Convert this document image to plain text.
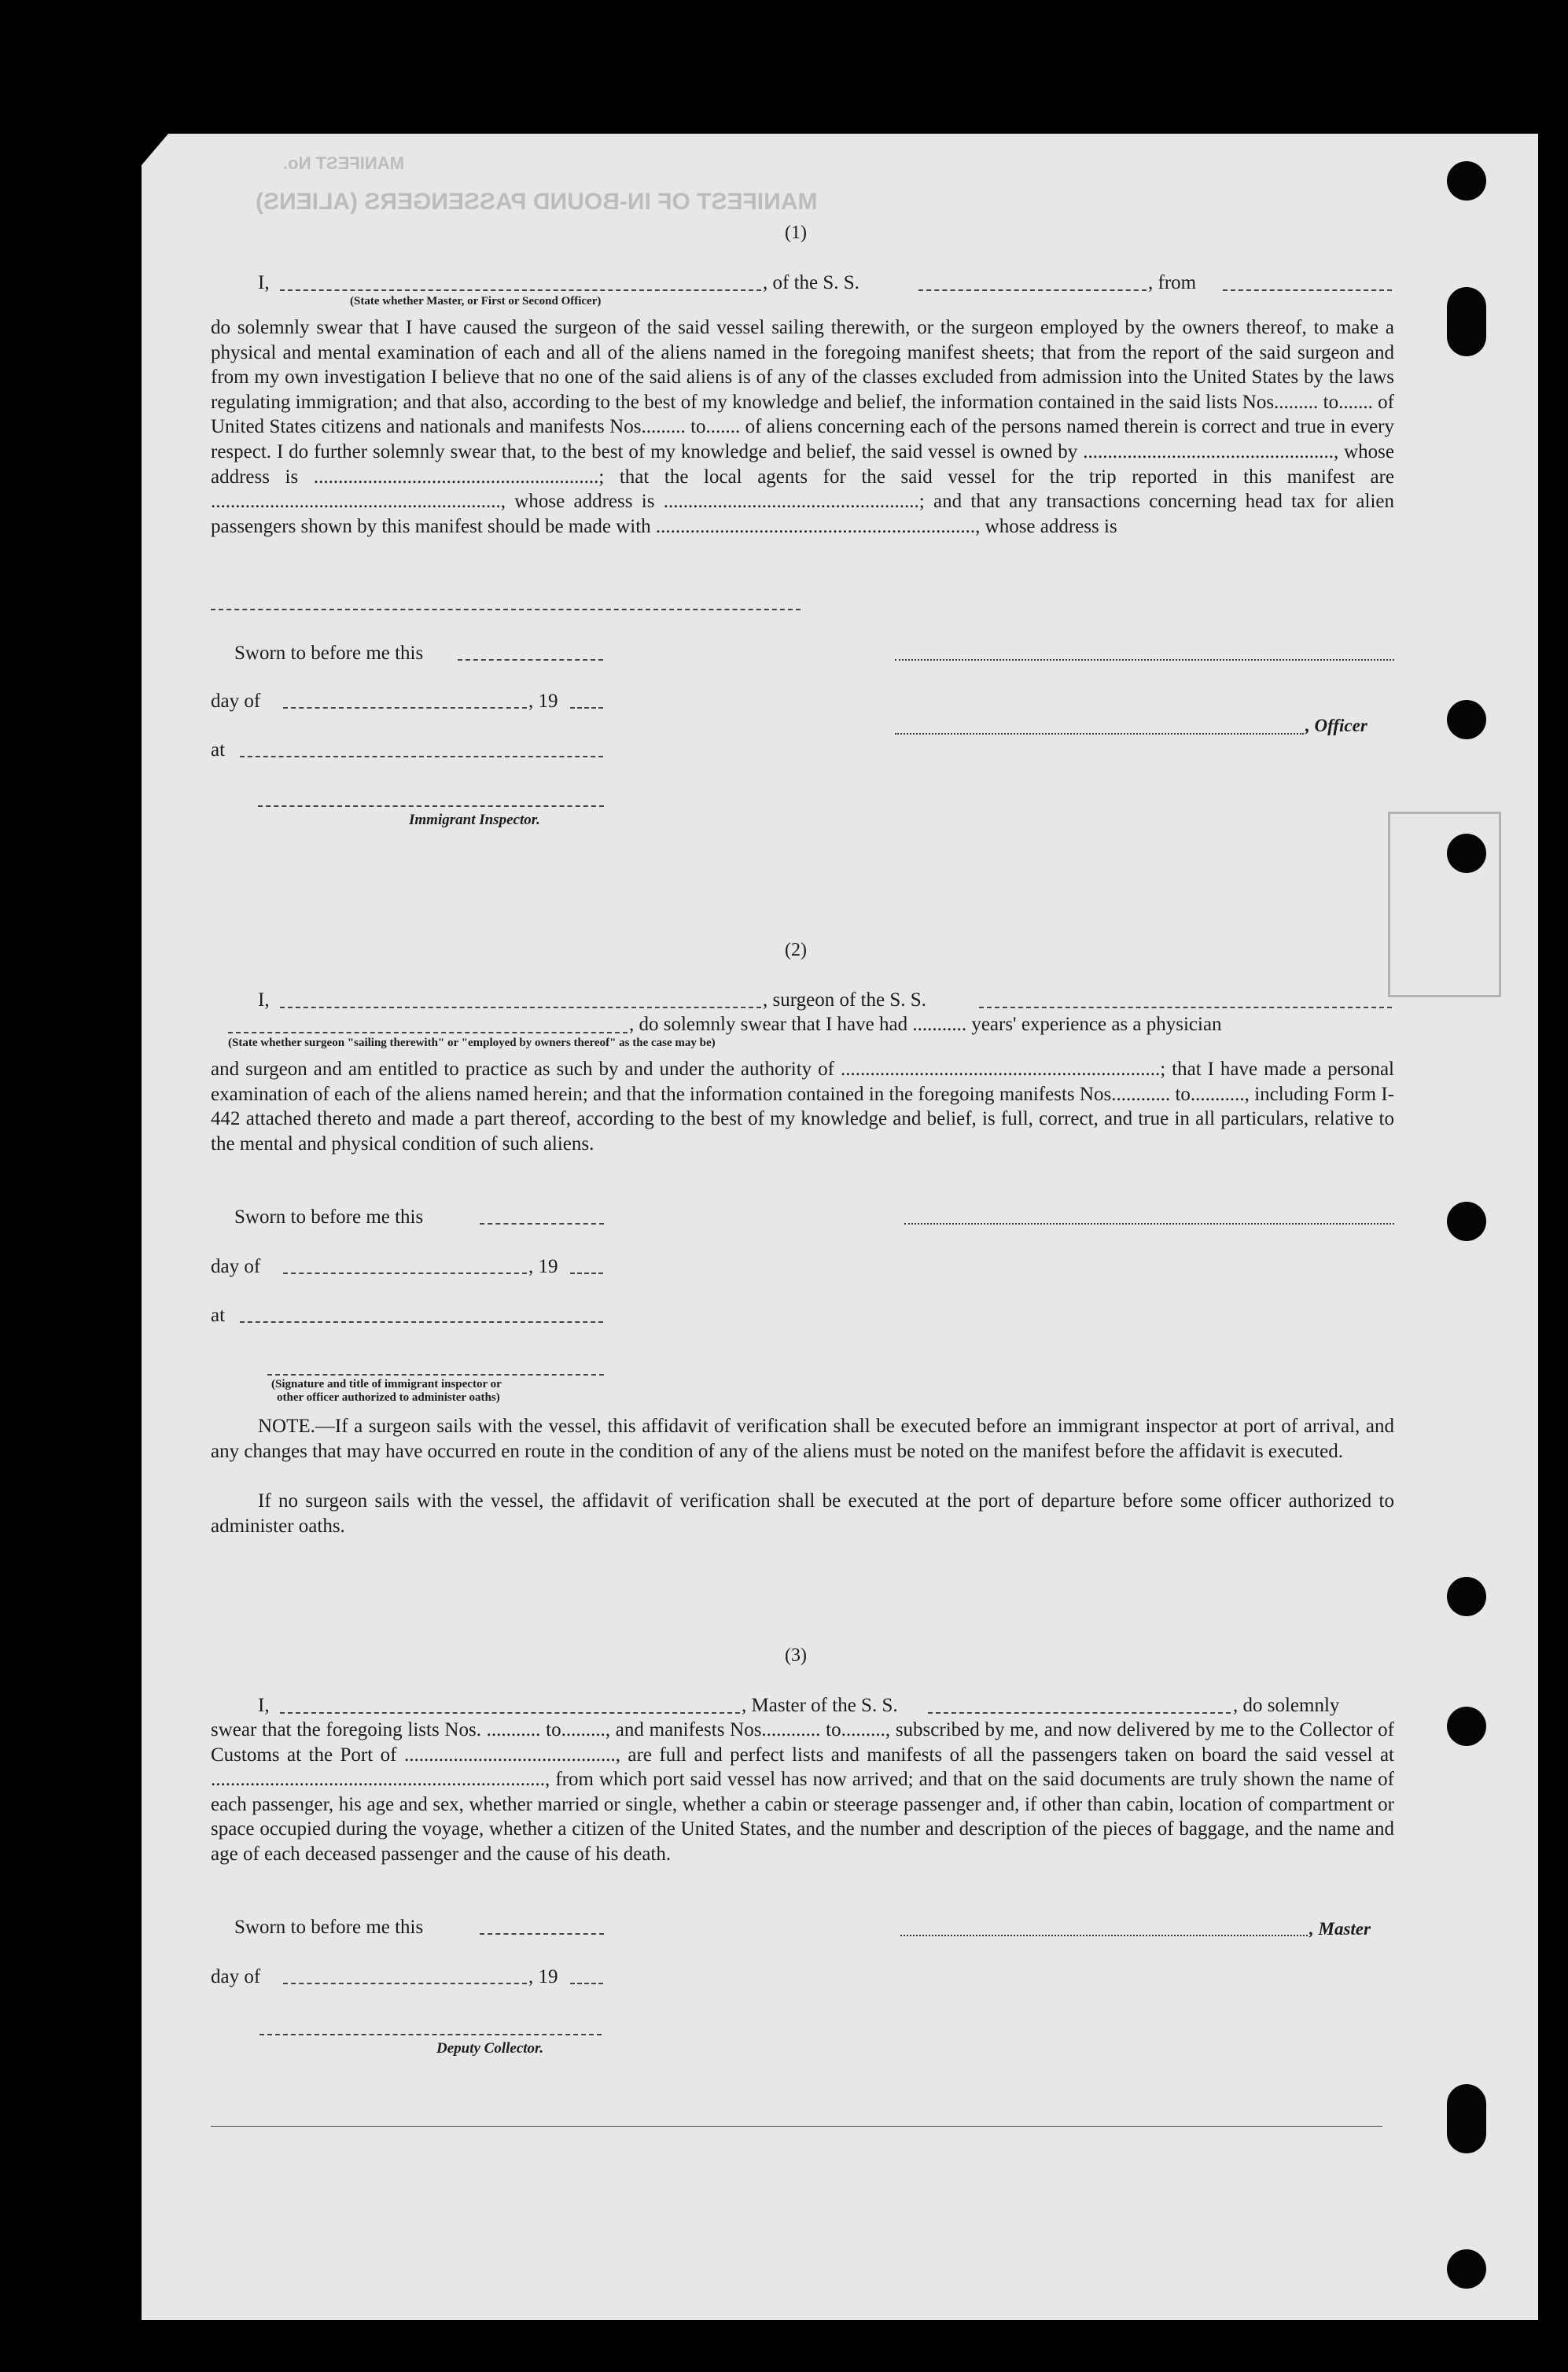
MANIFEST OF IN-BOUND PASSENGERS (ALIENS)
MANIFEST No.
(1)
I,	, of the S. S.	, from
(State whether Master, or First or Second Officer)
do solemnly swear that I have caused the surgeon of the said vessel sailing therewith, or the surgeon employed by the owners thereof, to make a physical and mental examination of each and all of the aliens named in the foregoing manifest sheets; that from the report of the said surgeon and from my own investigation I believe that no one of the said aliens is of any of the classes excluded from admission into the United States by the laws regulating immigration; and that also, according to the best of my knowledge and belief, the information contained in the said lists Nos......... to....... of United States citizens and nationals and manifests Nos......... to....... of aliens concerning each of the persons named therein is correct and true in every respect. I do further solemnly swear that, to the best of my knowledge and belief, the said vessel is owned by ..................................................., whose address is ..........................................................; that the local agents for the said vessel for the trip reported in this manifest are ..........................................................., whose address is ....................................................; and that any transactions concerning head tax for alien passengers shown by this manifest should be made with ................................................................., whose address is
Sworn to before me this
day of	, 19
, Officer
at
Immigrant Inspector.
(2)
I,	, surgeon of the S. S.
, do solemnly swear that I have had ........... years' experience as a physician
(State whether surgeon "sailing therewith" or "employed by owners thereof" as the case may be)
and surgeon and am entitled to practice as such by and under the authority of .................................................................; that I have made a personal examination of each of the aliens named herein; and that the information contained in the foregoing manifests Nos............ to..........., including Form I-442 attached thereto and made a part thereof, according to the best of my knowledge and belief, is full, correct, and true in all particulars, relative to the mental and physical condition of such aliens.
Sworn to before me this
day of	, 19
at
(Signature and title of immigrant inspector or
other officer authorized to administer oaths)
NOTE.—If a surgeon sails with the vessel, this affidavit of verification shall be executed before an immigrant inspector at port of arrival, and any changes that may have occurred en route in the condition of any of the aliens must be noted on the manifest before the affidavit is executed.
If no surgeon sails with the vessel, the affidavit of verification shall be executed at the port of departure before some officer authorized to administer oaths.
(3)
I,	, Master of the S. S.	, do solemnly
swear that the foregoing lists Nos. ........... to........., and manifests Nos............ to........., subscribed by me, and now delivered by me to the Collector of Customs at the Port of ..........................................., are full and perfect lists and manifests of all the passengers taken on board the said vessel at ...................................................................., from which port said vessel has now arrived; and that on the said documents are truly shown the name of each passenger, his age and sex, whether married or single, whether a cabin or steerage passenger and, if other than cabin, location of compartment or space occupied during the voyage, whether a citizen of the United States, and the number and description of the pieces of baggage, and the name and age of each deceased passenger and the cause of his death.
Sworn to before me this	, Master
day of	, 19
Deputy Collector.
